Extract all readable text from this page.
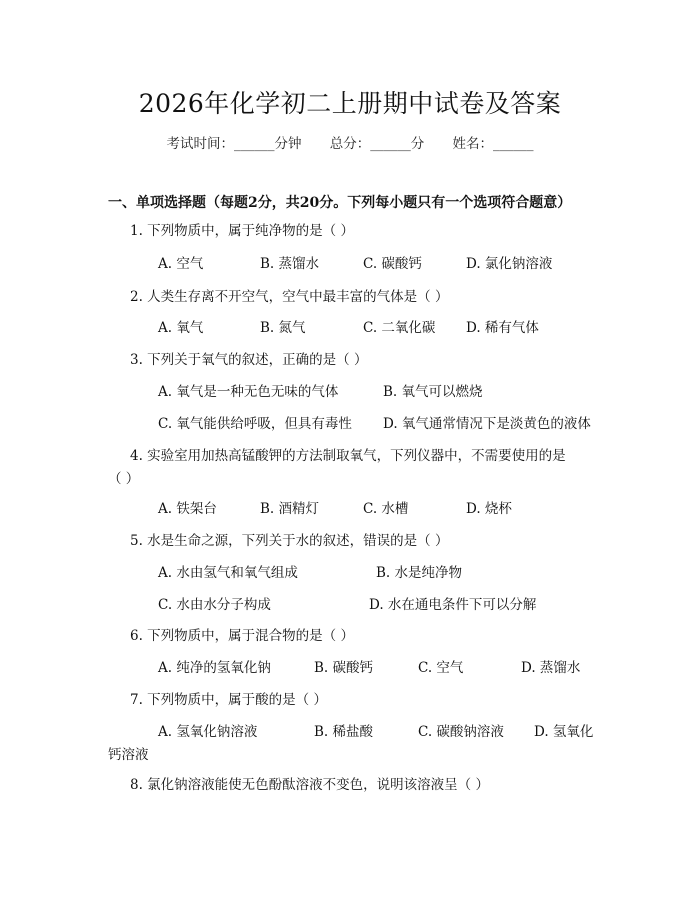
2026年化学初二上册期中试卷及答案
考试时间：______分钟 总分：______分 姓名：______
一、单项选择题（每题2分，共20分。下列每小题只有一个选项符合题意）
1. 下列物质中，属于纯净物的是（ ）
A. 空气	B. 蒸馏水	C. 碳酸钙	D. 氯化钠溶液
2. 人类生存离不开空气，空气中最丰富的气体是（ ）
A. 氧气	B. 氮气	C. 二氧化碳 D. 稀有气体
3. 下列关于氧气的叙述，正确的是（ ）
A. 氧气是一种无色无味的气体	B. 氧气可以燃烧
C. 氧气能供给呼吸，但具有毒性 D. 氧气通常情况下是淡黄色的液体
4. 实验室用加热高锰酸钾的方法制取氧气，下列仪器中，不需要使用的是
（ ）
A. 铁架台	B. 酒精灯	C. 水槽	D. 烧杯
5. 水是生命之源，下列关于水的叙述，错误的是（ ）
A. 水由氢气和氧气组成	B. 水是纯净物
C. 水由水分子构成	D. 水在通电条件下可以分解
6. 下列物质中，属于混合物的是（ ）
A. 纯净的氢氧化钠	B. 碳酸钙	C. 空气	D. 蒸馏水
7. 下列物质中，属于酸的是（ ）
A. 氢氧化钠溶液	B. 稀盐酸	C. 碳酸钠溶液 D. 氢氧化
钙溶液
8. 氯化钠溶液能使无色酚酞溶液不变色，说明该溶液呈（ ）
